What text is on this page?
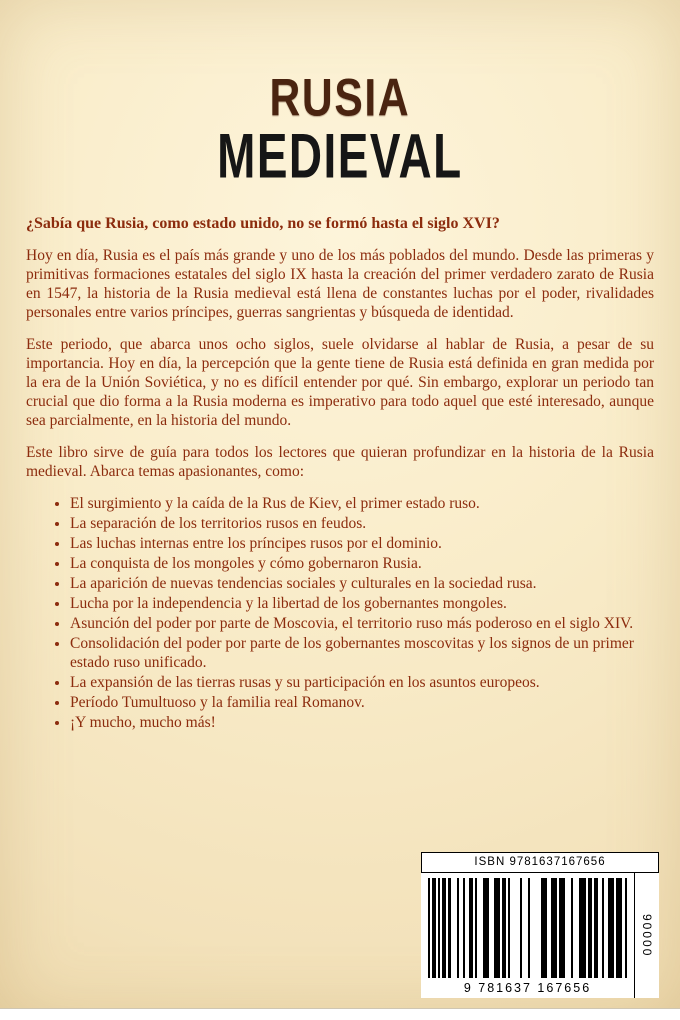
RUSIA
MEDIEVAL

¿Sabía que Rusia, como estado unido, no se formó hasta el siglo XVI?

Hoy en día, Rusia es el país más grande y uno de los más poblados del mundo. Desde las primeras y primitivas formaciones estatales del siglo IX hasta la creación del primer verdadero zarato de Rusia en 1547, la historia de la Rusia medieval está llena de constantes luchas por el poder, rivalidades personales entre varios príncipes, guerras sangrientas y búsqueda de identidad.

Este periodo, que abarca unos ocho siglos, suele olvidarse al hablar de Rusia, a pesar de su importancia. Hoy en día, la percepción que la gente tiene de Rusia está definida en gran medida por la era de la Unión Soviética, y no es difícil entender por qué. Sin embargo, explorar un periodo tan crucial que dio forma a la Rusia moderna es imperativo para todo aquel que esté interesado, aunque sea parcialmente, en la historia del mundo.

Este libro sirve de guía para todos los lectores que quieran profundizar en la historia de la Rusia medieval. Abarca temas apasionantes, como:

• El surgimiento y la caída de la Rus de Kiev, el primer estado ruso.
• La separación de los territorios rusos en feudos.
• Las luchas internas entre los príncipes rusos por el dominio.
• La conquista de los mongoles y cómo gobernaron Rusia.
• La aparición de nuevas tendencias sociales y culturales en la sociedad rusa.
• Lucha por la independencia y la libertad de los gobernantes mongoles.
• Asunción del poder por parte de Moscovia, el territorio ruso más poderoso en el siglo XIV.
• Consolidación del poder por parte de los gobernantes moscovitas y los signos de un primer estado ruso unificado.
• La expansión de las tierras rusas y su participación en los asuntos europeos.
• Período Tumultuoso y la familia real Romanov.
• ¡Y mucho, mucho más!
ISBN 9781637167656
9 781637 167656
90000
